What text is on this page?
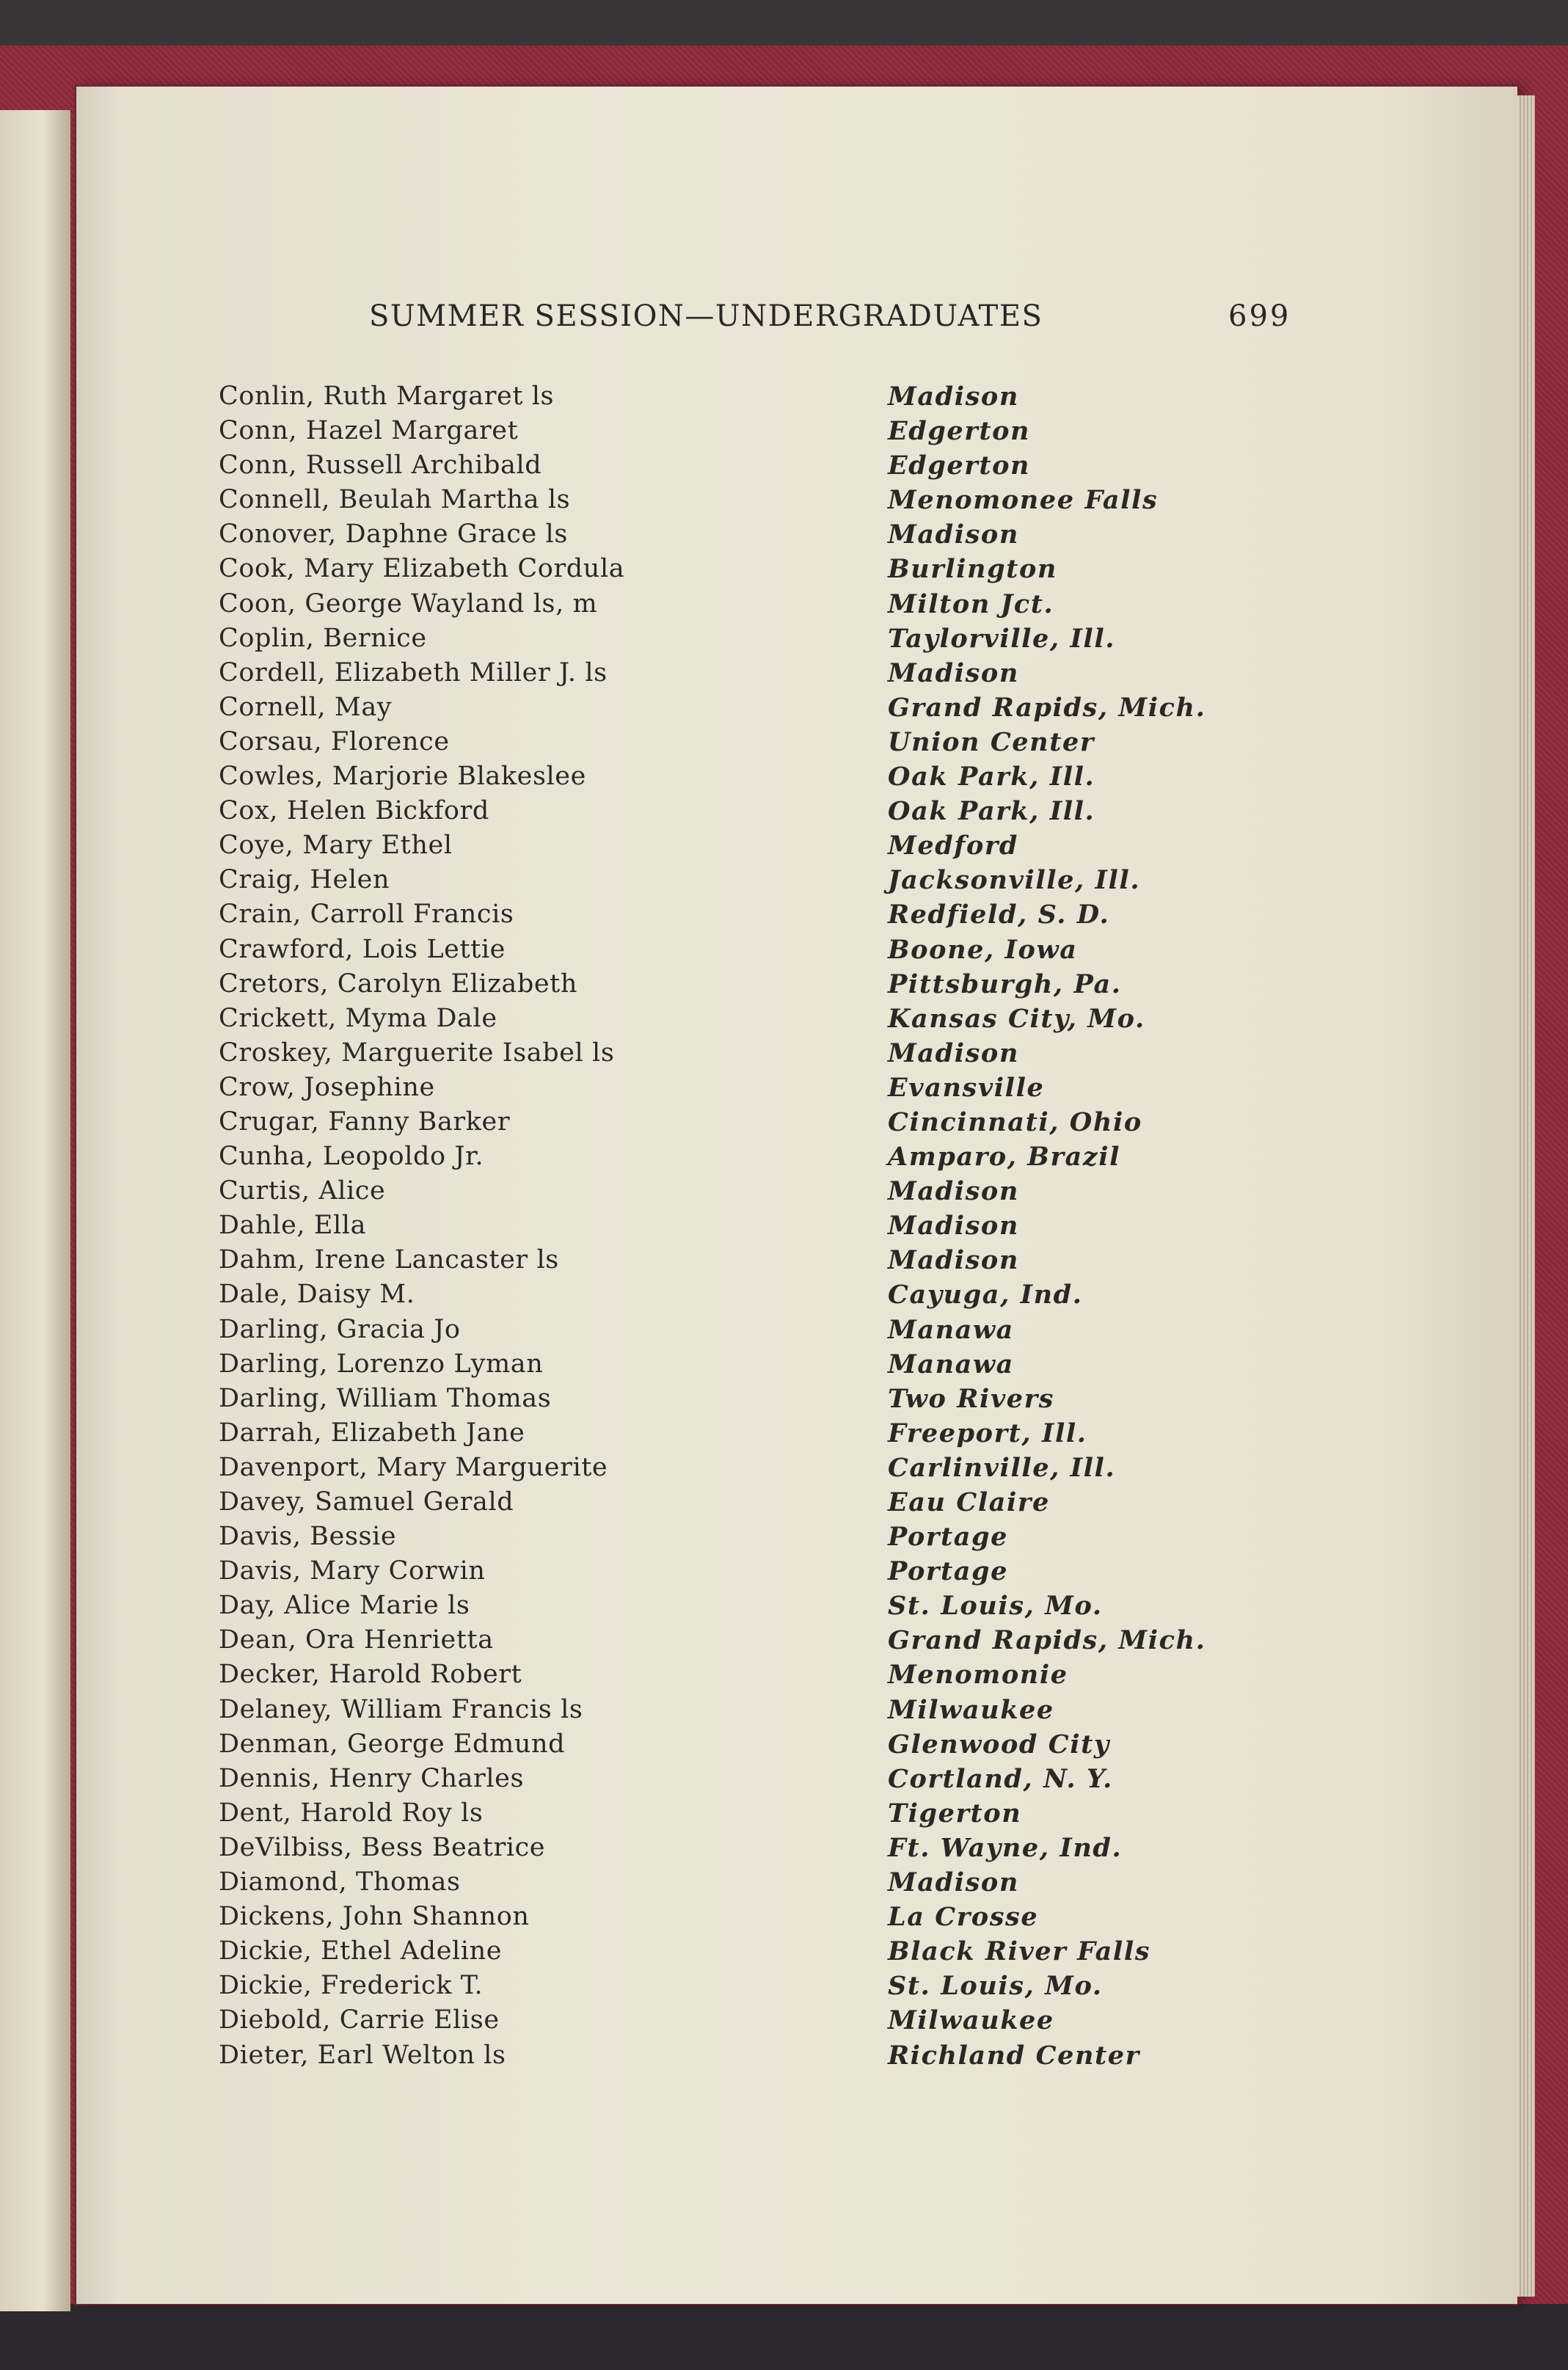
SUMMER SESSION—UNDERGRADUATES	699
Conlin, Ruth Margaret ls	Madison
Conn, Hazel Margaret	Edgerton
Conn, Russell Archibald	Edgerton
Connell, Beulah Martha ls	Menomonee Falls
Conover, Daphne Grace ls	Madison
Cook, Mary Elizabeth Cordula	Burlington
Coon, George Wayland ls, m	Milton Jct.
Coplin, Bernice	Taylorville, Ill.
Cordell, Elizabeth Miller J. ls	Madison
Cornell, May	Grand Rapids, Mich.
Corsau, Florence	Union Center
Cowles, Marjorie Blakeslee	Oak Park, Ill.
Cox, Helen Bickford	Oak Park, Ill.
Coye, Mary Ethel	Medford
Craig, Helen	Jacksonville, Ill.
Crain, Carroll Francis	Redfield, S. D.
Crawford, Lois Lettie	Boone, Iowa
Cretors, Carolyn Elizabeth	Pittsburgh, Pa.
Crickett, Myma Dale	Kansas City, Mo.
Croskey, Marguerite Isabel ls	Madison
Crow, Josephine	Evansville
Crugar, Fanny Barker	Cincinnati, Ohio
Cunha, Leopoldo Jr.	Amparo, Brazil
Curtis, Alice	Madison
Dahle, Ella	Madison
Dahm, Irene Lancaster ls	Madison
Dale, Daisy M.	Cayuga, Ind.
Darling, Gracia Jo	Manawa
Darling, Lorenzo Lyman	Manawa
Darling, William Thomas	Two Rivers
Darrah, Elizabeth Jane	Freeport, Ill.
Davenport, Mary Marguerite	Carlinville, Ill.
Davey, Samuel Gerald	Eau Claire
Davis, Bessie	Portage
Davis, Mary Corwin	Portage
Day, Alice Marie ls	St. Louis, Mo.
Dean, Ora Henrietta	Grand Rapids, Mich.
Decker, Harold Robert	Menomonie
Delaney, William Francis ls	Milwaukee
Denman, George Edmund	Glenwood City
Dennis, Henry Charles	Cortland, N. Y.
Dent, Harold Roy ls	Tigerton
DeVilbiss, Bess Beatrice	Ft. Wayne, Ind.
Diamond, Thomas	Madison
Dickens, John Shannon	La Crosse
Dickie, Ethel Adeline	Black River Falls
Dickie, Frederick T.	St. Louis, Mo.
Diebold, Carrie Elise	Milwaukee
Dieter, Earl Welton ls	Richland Center
